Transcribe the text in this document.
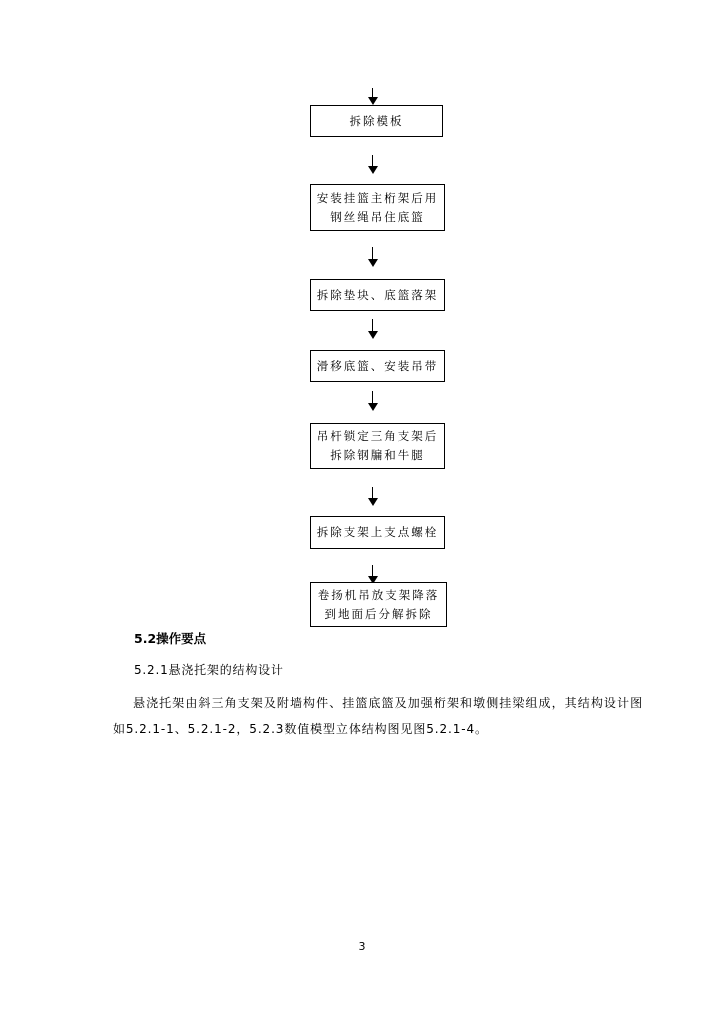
拆除模板
安装挂篮主桁架后用
钢丝绳吊住底篮
拆除垫块、底篮落架
滑移底篮、安装吊带
吊杆锁定三角支架后
拆除钢牖和牛腿
拆除支架上支点螺栓
卷扬机吊放支架降落
到地面后分解拆除
5.2操作要点
5.2.1悬浇托架的结构设计
悬浇托架由斜三角支架及附墙构件、挂篮底篮及加强桁架和墩侧挂梁组成，其结构设计图如5.2.1-1、5.2.1-2，5.2.3数值模型立体结构图见图5.2.1-4。
3
